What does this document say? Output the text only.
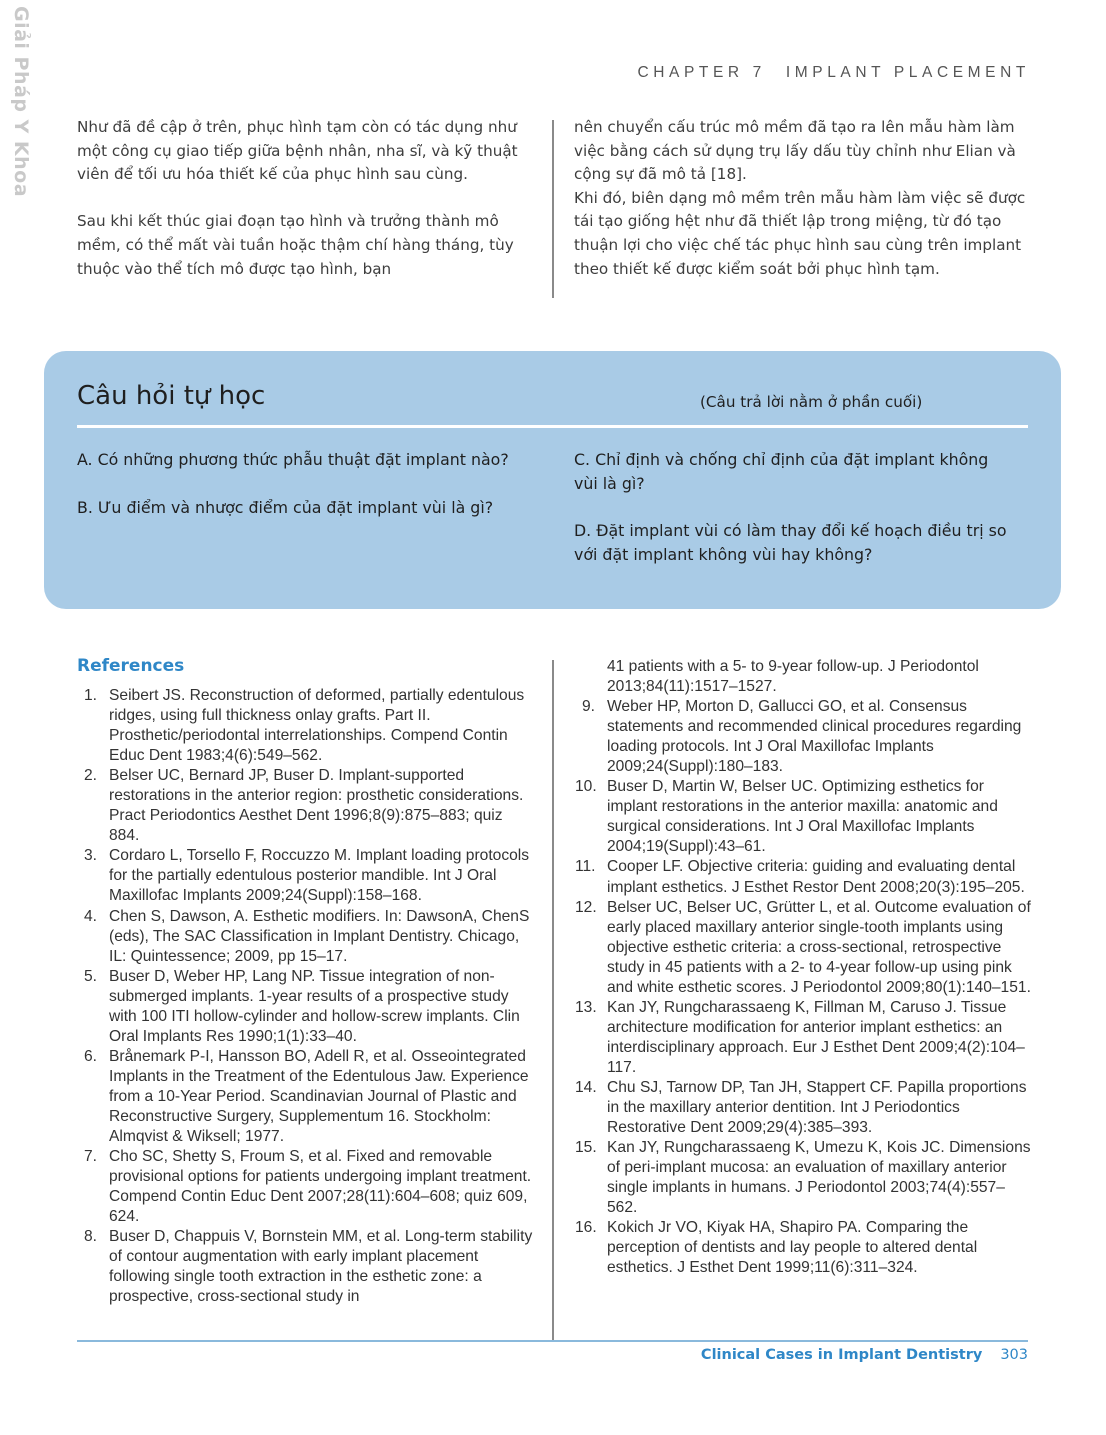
Giải Pháp Y Khoa	CHAPTER 7 IMPLANT PLACEMENT

Như đã đề cập ở trên, phục hình tạm còn có tác dụng như một công cụ giao tiếp giữa bệnh nhân, nha sĩ, và kỹ thuật viên để tối ưu hóa thiết kế của phục hình sau cùng.

Sau khi kết thúc giai đoạn tạo hình và trưởng thành mô mềm, có thể mất vài tuần hoặc thậm chí hàng tháng, tùy thuộc vào thể tích mô được tạo hình, bạn

nên chuyển cấu trúc mô mềm đã tạo ra lên mẫu hàm làm việc bằng cách sử dụng trụ lấy dấu tùy chỉnh như Elian và cộng sự đã mô tả [18].

Khi đó, biên dạng mô mềm trên mẫu hàm làm việc sẽ được tái tạo giống hệt như đã thiết lập trong miệng, từ đó tạo thuận lợi cho việc chế tác phục hình sau cùng trên implant theo thiết kế được kiểm soát bởi phục hình tạm.

Câu hỏi tự học	(Câu trả lời nằm ở phần cuối)

A. Có những phương thức phẫu thuật đặt implant nào?

B. Ưu điểm và nhược điểm của đặt implant vùi là gì?

C. Chỉ định và chống chỉ định của đặt implant không vùi là gì?

D. Đặt implant vùi có làm thay đổi kế hoạch điều trị so với đặt implant không vùi hay không?

References
1. Seibert JS. Reconstruction of deformed, partially edentulous ridges, using full thickness onlay grafts. Part II. Prosthetic/periodontal interrelationships. Compend Contin Educ Dent 1983;4(6):549–562.
2. Belser UC, Bernard JP, Buser D. Implant-supported restorations in the anterior region: prosthetic considerations. Pract Periodontics Aesthet Dent 1996;8(9):875–883; quiz 884.
3. Cordaro L, Torsello F, Roccuzzo M. Implant loading protocols for the partially edentulous posterior mandible. Int J Oral Maxillofac Implants 2009;24(Suppl):158–168.
4. Chen S, Dawson, A. Esthetic modifiers. In: DawsonA, ChenS (eds), The SAC Classification in Implant Dentistry. Chicago, IL: Quintessence; 2009, pp 15–17.
5. Buser D, Weber HP, Lang NP. Tissue integration of non-submerged implants. 1-year results of a prospective study with 100 ITI hollow-cylinder and hollow-screw implants. Clin Oral Implants Res 1990;1(1):33–40.
6. Brånemark P-I, Hansson BO, Adell R, et al. Osseointegrated Implants in the Treatment of the Edentulous Jaw. Experience from a 10-Year Period. Scandinavian Journal of Plastic and Reconstructive Surgery, Supplementum 16. Stockholm: Almqvist & Wiksell; 1977.
7. Cho SC, Shetty S, Froum S, et al. Fixed and removable provisional options for patients undergoing implant treatment. Compend Contin Educ Dent 2007;28(11):604–608; quiz 609, 624.
8. Buser D, Chappuis V, Bornstein MM, et al. Long-term stability of contour augmentation with early implant placement following single tooth extraction in the esthetic zone: a prospective, cross-sectional study in
41 patients with a 5- to 9-year follow-up. J Periodontol 2013;84(11):1517–1527.
9. Weber HP, Morton D, Gallucci GO, et al. Consensus statements and recommended clinical procedures regarding loading protocols. Int J Oral Maxillofac Implants 2009;24(Suppl):180–183.
10. Buser D, Martin W, Belser UC. Optimizing esthetics for implant restorations in the anterior maxilla: anatomic and surgical considerations. Int J Oral Maxillofac Implants 2004;19(Suppl):43–61.
11. Cooper LF. Objective criteria: guiding and evaluating dental implant esthetics. J Esthet Restor Dent 2008;20(3):195–205.
12. Belser UC, Belser UC, Grütter L, et al. Outcome evaluation of early placed maxillary anterior single-tooth implants using objective esthetic criteria: a cross-sectional, retrospective study in 45 patients with a 2- to 4-year follow-up using pink and white esthetic scores. J Periodontol 2009;80(1):140–151.
13. Kan JY, Rungcharassaeng K, Fillman M, Caruso J. Tissue architecture modification for anterior implant esthetics: an interdisciplinary approach. Eur J Esthet Dent 2009;4(2):104–117.
14. Chu SJ, Tarnow DP, Tan JH, Stappert CF. Papilla proportions in the maxillary anterior dentition. Int J Periodontics Restorative Dent 2009;29(4):385–393.
15. Kan JY, Rungcharassaeng K, Umezu K, Kois JC. Dimensions of peri-implant mucosa: an evaluation of maxillary anterior single implants in humans. J Periodontol 2003;74(4):557–562.
16. Kokich Jr VO, Kiyak HA, Shapiro PA. Comparing the perception of dentists and lay people to altered dental esthetics. J Esthet Dent 1999;11(6):311–324.
Clinical Cases in Implant Dentistry 303
